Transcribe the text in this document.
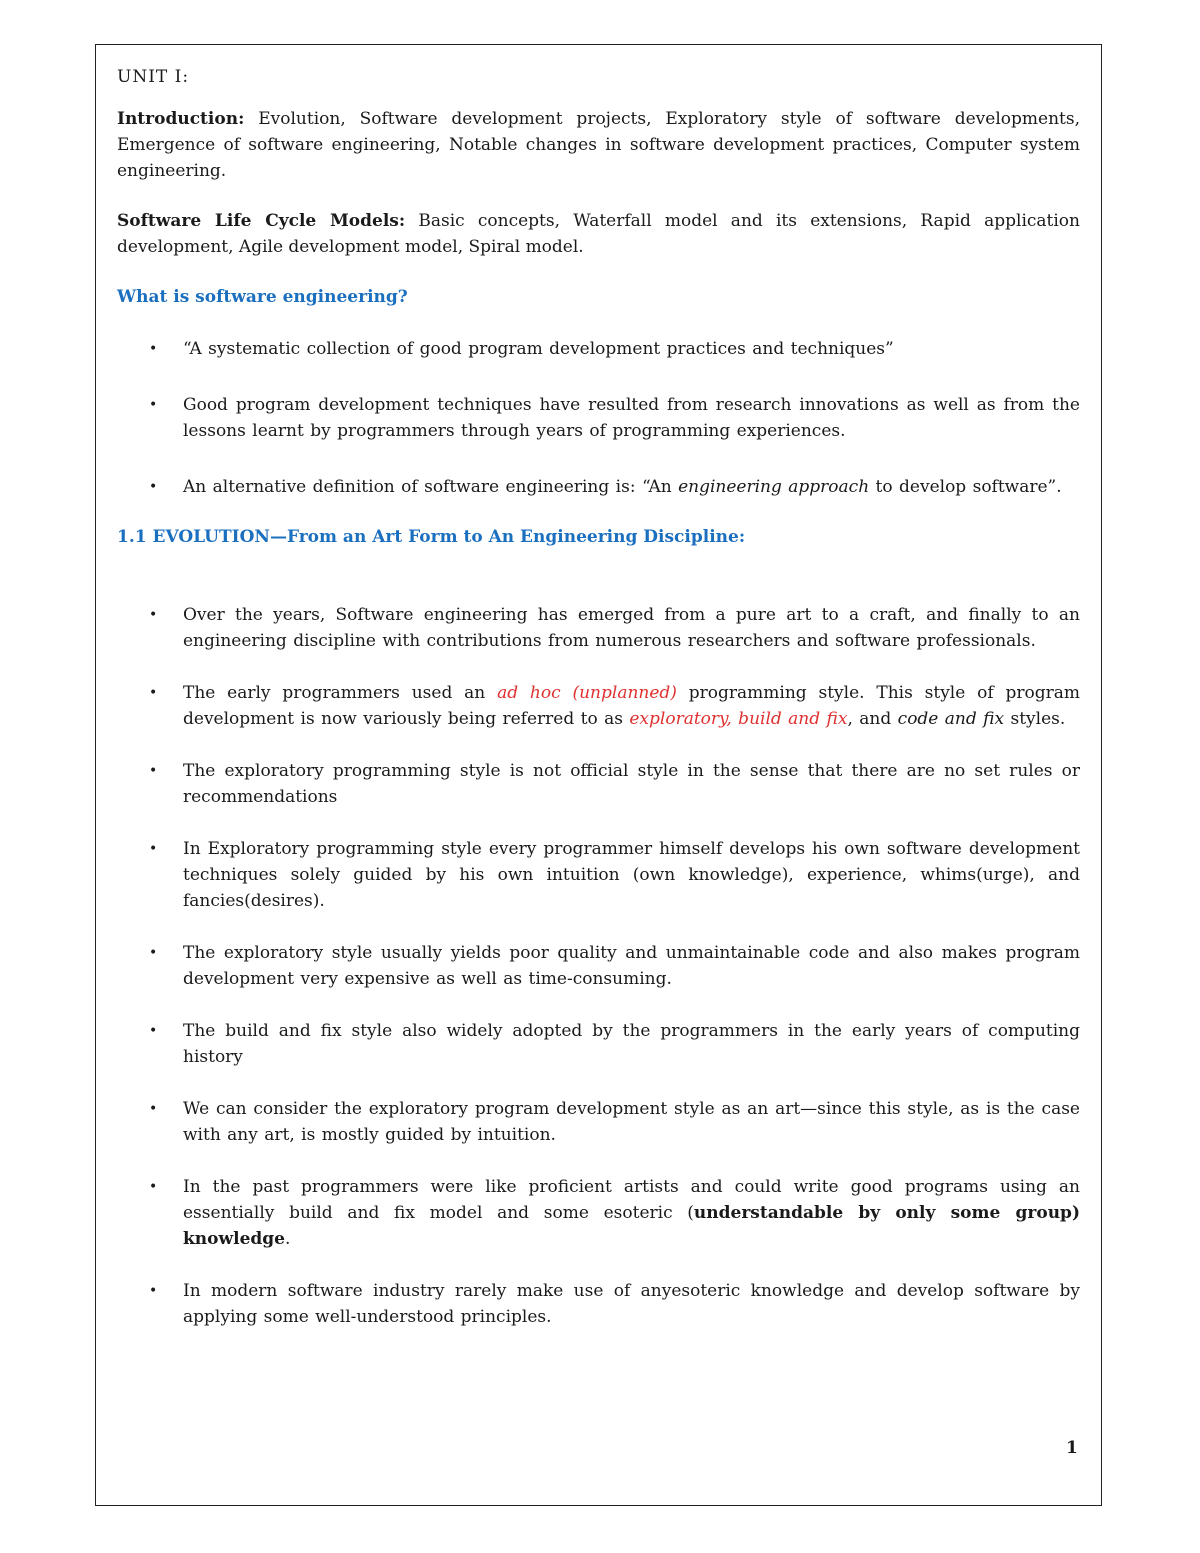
UNIT I:

Introduction: Evolution, Software development projects, Exploratory style of software developments, Emergence of software engineering, Notable changes in software development practices, Computer system engineering.

Software Life Cycle Models: Basic concepts, Waterfall model and its extensions, Rapid application development, Agile development model, Spiral model.

What is software engineering?

• “A systematic collection of good program development practices and techniques”
• Good program development techniques have resulted from research innovations as well as from the lessons learnt by programmers through years of programming experiences.
• An alternative definition of software engineering is: “An engineering approach to develop software”.

1.1 EVOLUTION—From an Art Form to An Engineering Discipline:

• Over the years, Software engineering has emerged from a pure art to a craft, and finally to an engineering discipline with contributions from numerous researchers and software professionals.
• The early programmers used an ad hoc (unplanned) programming style. This style of program development is now variously being referred to as exploratory, build and fix, and code and fix styles.
• The exploratory programming style is not official style in the sense that there are no set rules or recommendations
• In Exploratory programming style every programmer himself develops his own software development techniques solely guided by his own intuition (own knowledge), experience, whims(urge), and fancies(desires).
• The exploratory style usually yields poor quality and unmaintainable code and also makes program development very expensive as well as time-consuming.
• The build and fix style also widely adopted by the programmers in the early years of computing history
• We can consider the exploratory program development style as an art—since this style, as is the case with any art, is mostly guided by intuition.
• In the past programmers were like proficient artists and could write good programs using an essentially build and fix model and some esoteric (understandable by only some group) knowledge.
• In modern software industry rarely make use of anyesoteric knowledge and develop software by applying some well-understood principles.
1
